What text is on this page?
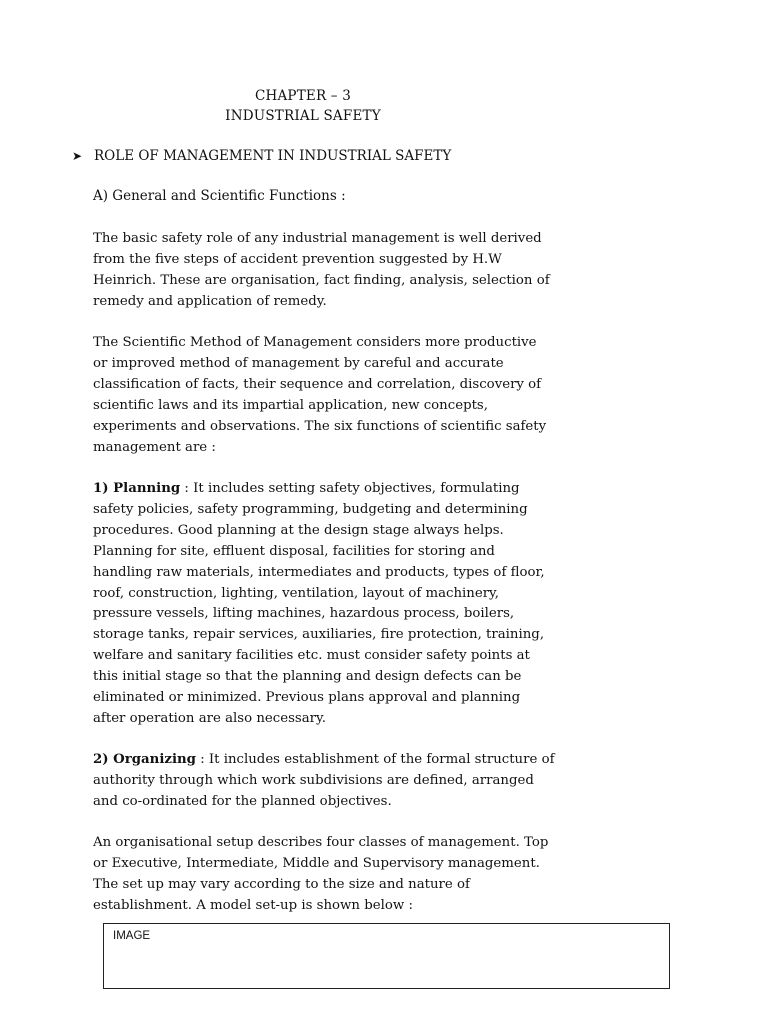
CHAPTER – 3
INDUSTRIAL SAFETY
➤ ROLE OF MANAGEMENT IN INDUSTRIAL SAFETY
A) General and Scientific Functions :

The basic safety role of any industrial management is well derived
from the five steps of accident prevention suggested by H.W
Heinrich. These are organisation, fact finding, analysis, selection of
remedy and application of remedy.

The Scientific Method of Management considers more productive
or improved method of management by careful and accurate
classification of facts, their sequence and correlation, discovery of
scientific laws and its impartial application, new concepts,
experiments and observations. The six functions of scientific safety
management are :

1) Planning : It includes setting safety objectives, formulating
safety policies, safety programming, budgeting and determining
procedures. Good planning at the design stage always helps.
Planning for site, effluent disposal, facilities for storing and
handling raw materials, intermediates and products, types of floor,
roof, construction, lighting, ventilation, layout of machinery,
pressure vessels, lifting machines, hazardous process, boilers,
storage tanks, repair services, auxiliaries, fire protection, training,
welfare and sanitary facilities etc. must consider safety points at
this initial stage so that the planning and design defects can be
eliminated or minimized. Previous plans approval and planning
after operation are also necessary.

2) Organizing : It includes establishment of the formal structure of
authority through which work subdivisions are defined, arranged
and co-ordinated for the planned objectives.

An organisational setup describes four classes of management. Top
or Executive, Intermediate, Middle and Supervisory management.
The set up may vary according to the size and nature of
establishment. A model set-up is shown below :

IMAGE
